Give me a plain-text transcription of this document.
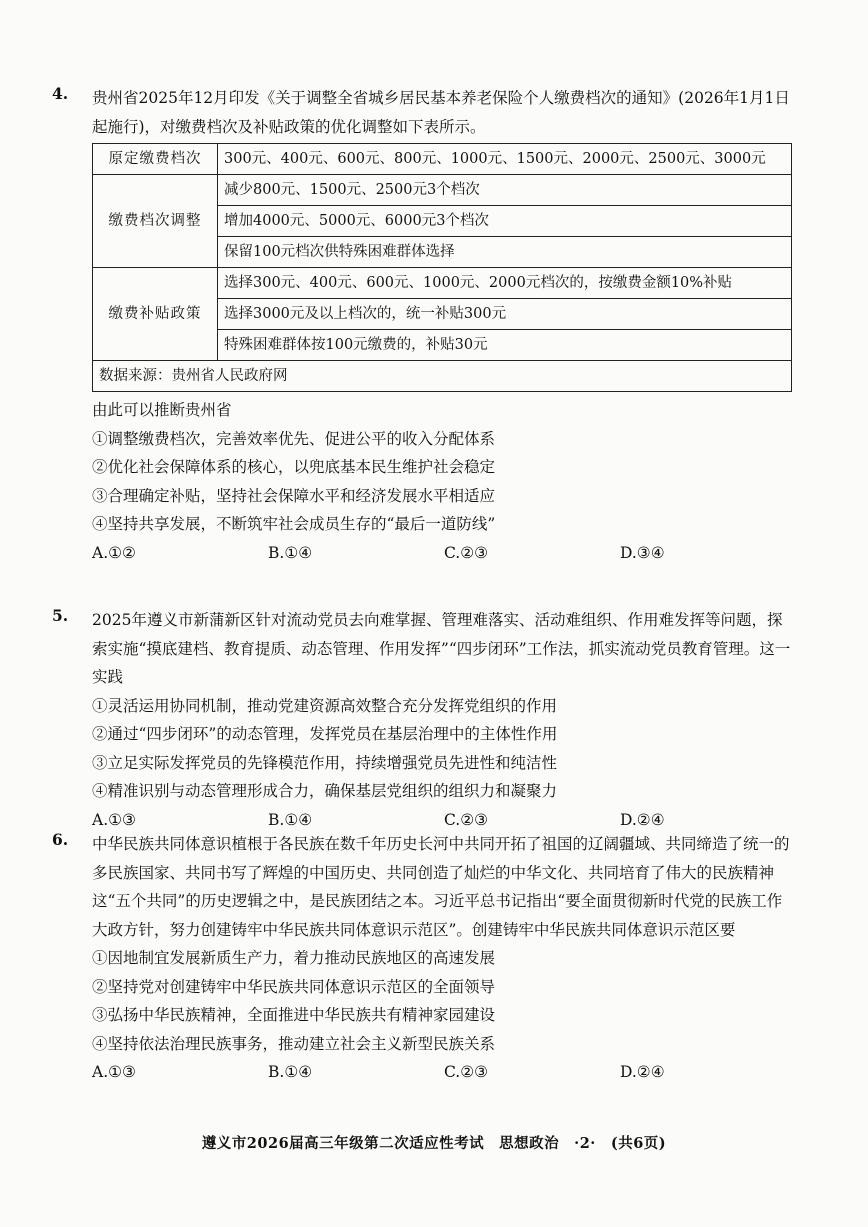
4.	贵州省2025年12月印发《关于调整全省城乡居民基本养老保险个人缴费档次的通知》(2026年1月1日起施行)，对缴费档次及补贴政策的优化调整如下表所示。

原定缴费档次	300元、400元、600元、800元、1000元、1500元、2000元、2500元、3000元
缴费档次调整	减少800元、1500元、2500元3个档次
	增加4000元、5000元、6000元3个档次
	保留100元档次供特殊困难群体选择
缴费补贴政策	选择300元、400元、600元、1000元、2000元档次的，按缴费金额10%补贴
	选择3000元及以上档次的，统一补贴300元
	特殊困难群体按100元缴费的，补贴30元
数据来源：贵州省人民政府网	

由此可以推断贵州省

①调整缴费档次，完善效率优先、促进公平的收入分配体系

②优化社会保障体系的核心，以兜底基本民生维护社会稳定

③合理确定补贴，坚持社会保障水平和经济发展水平相适应

④坚持共享发展，不断筑牢社会成员生存的“最后一道防线”

A.①②	B.①④	C.②③	D.③④
5.	2025年遵义市新蒲新区针对流动党员去向难掌握、管理难落实、活动难组织、作用难发挥等问题，探索实施“摸底建档、教育提质、动态管理、作用发挥”“四步闭环”工作法，抓实流动党员教育管理。这一实践

①灵活运用协同机制，推动党建资源高效整合充分发挥党组织的作用

②通过“四步闭环”的动态管理，发挥党员在基层治理中的主体性作用

③立足实际发挥党员的先锋模范作用，持续增强党员先进性和纯洁性

④精准识别与动态管理形成合力，确保基层党组织的组织力和凝聚力

A.①③	B.①④	C.②③	D.②④
6.	中华民族共同体意识植根于各民族在数千年历史长河中共同开拓了祖国的辽阔疆域、共同缔造了统一的多民族国家、共同书写了辉煌的中国历史、共同创造了灿烂的中华文化、共同培育了伟大的民族精神这“五个共同”的历史逻辑之中，是民族团结之本。习近平总书记指出“要全面贯彻新时代党的民族工作大政方针，努力创建铸牢中华民族共同体意识示范区”。创建铸牢中华民族共同体意识示范区要

①因地制宜发展新质生产力，着力推动民族地区的高速发展

②坚持党对创建铸牢中华民族共同体意识示范区的全面领导

③弘扬中华民族精神，全面推进中华民族共有精神家园建设

④坚持依法治理民族事务，推动建立社会主义新型民族关系

A.①③	B.①④	C.②③	D.②④
遵义市2026届高三年级第二次适应性考试　思想政治　·2·　(共6页)
